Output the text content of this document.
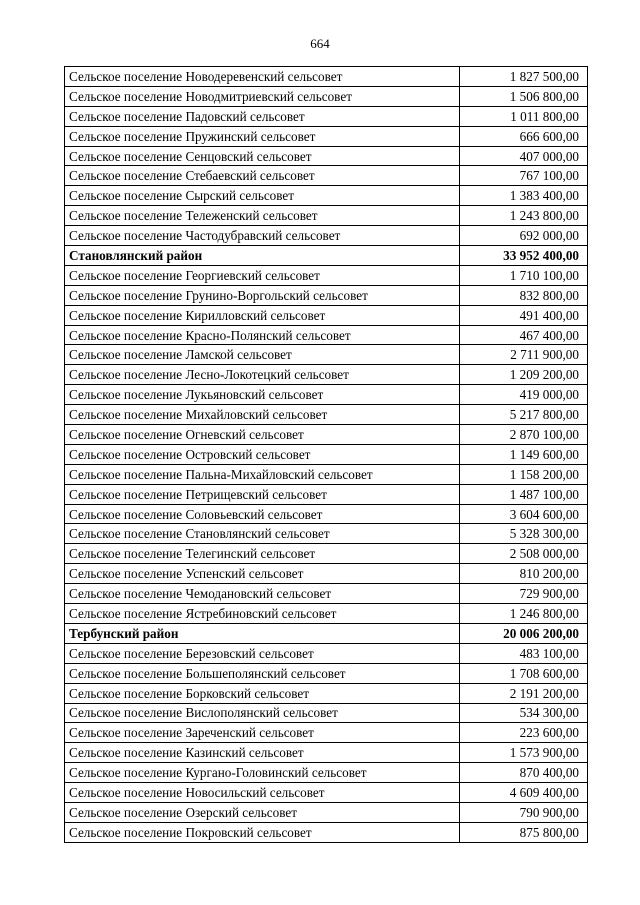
664
Сельское поселение Новодеревенский сельсовет	1 827 500,00
Сельское поселение Новодмитриевский сельсовет	1 506 800,00
Сельское поселение Падовский сельсовет	1 011 800,00
Сельское поселение Пружинский сельсовет	666 600,00
Сельское поселение Сенцовский сельсовет	407 000,00
Сельское поселение Стебаевский сельсовет	767 100,00
Сельское поселение Сырский сельсовет	1 383 400,00
Сельское поселение Тележенский сельсовет	1 243 800,00
Сельское поселение Частодубравский сельсовет	692 000,00
Становлянский район	33 952 400,00
Сельское поселение Георгиевский сельсовет	1 710 100,00
Сельское поселение Грунино-Воргольский сельсовет	832 800,00
Сельское поселение Кирилловский сельсовет	491 400,00
Сельское поселение Красно-Полянский сельсовет	467 400,00
Сельское поселение Ламской сельсовет	2 711 900,00
Сельское поселение Лесно-Локотецкий сельсовет	1 209 200,00
Сельское поселение Лукьяновский сельсовет	419 000,00
Сельское поселение Михайловский сельсовет	5 217 800,00
Сельское поселение Огневский сельсовет	2 870 100,00
Сельское поселение Островский сельсовет	1 149 600,00
Сельское поселение Пальна-Михайловский сельсовет	1 158 200,00
Сельское поселение Петрищевский сельсовет	1 487 100,00
Сельское поселение Соловьевский сельсовет	3 604 600,00
Сельское поселение Становлянский сельсовет	5 328 300,00
Сельское поселение Телегинский сельсовет	2 508 000,00
Сельское поселение Успенский сельсовет	810 200,00
Сельское поселение Чемодановский сельсовет	729 900,00
Сельское поселение Ястребиновский сельсовет	1 246 800,00
Тербунский район	20 006 200,00
Сельское поселение Березовский сельсовет	483 100,00
Сельское поселение Большеполянский сельсовет	1 708 600,00
Сельское поселение Борковский сельсовет	2 191 200,00
Сельское поселение Вислополянский сельсовет	534 300,00
Сельское поселение Зареченский сельсовет	223 600,00
Сельское поселение Казинский сельсовет	1 573 900,00
Сельское поселение Кургано-Головинский сельсовет	870 400,00
Сельское поселение Новосильский сельсовет	4 609 400,00
Сельское поселение Озерский сельсовет	790 900,00
Сельское поселение Покровский сельсовет	875 800,00
